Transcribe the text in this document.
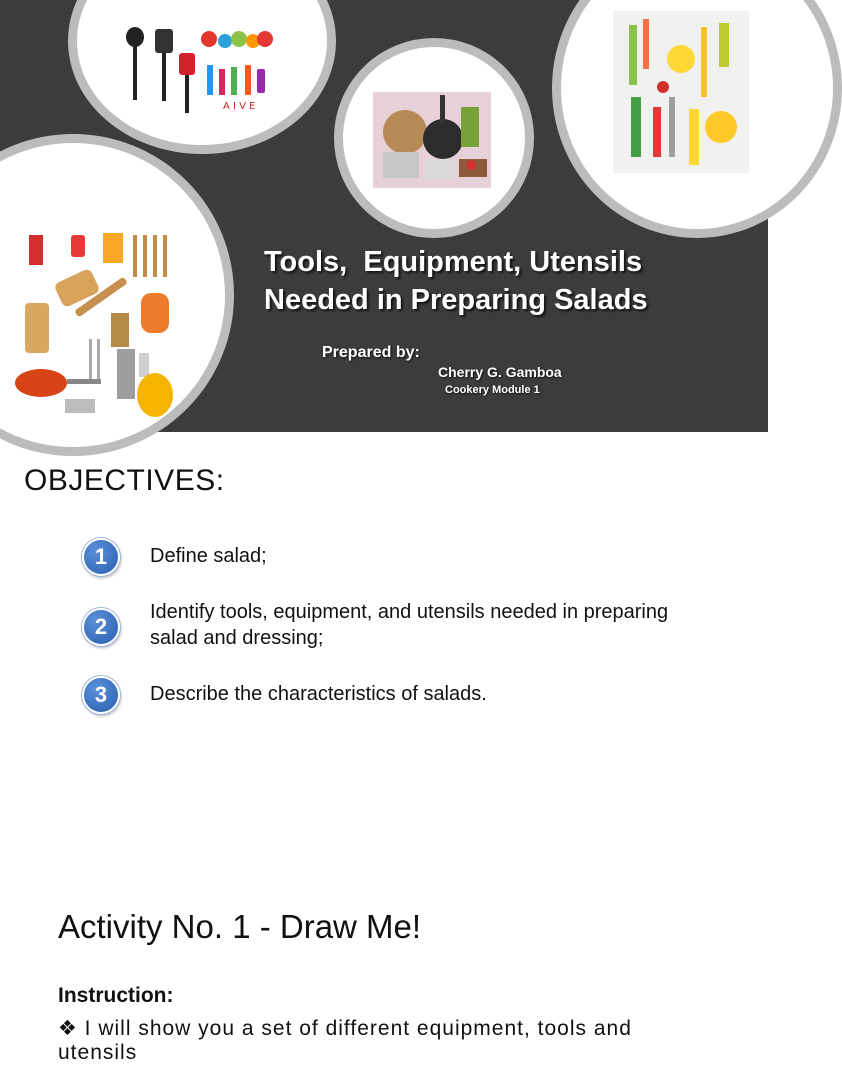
A I V E
Tools,  Equipment, Utensils
Needed in Preparing Salads
Prepared by:
Cherry G. Gamboa
Cookery Module 1
OBJECTIVES:
1	Define salad;
2
Identify tools, equipment, and utensils needed in preparing salad and dressing;
3	Describe the characteristics of salads.
Activity No. 1 - Draw Me!
Instruction:
❖ I will show you a set of different equipment, tools and utensils
